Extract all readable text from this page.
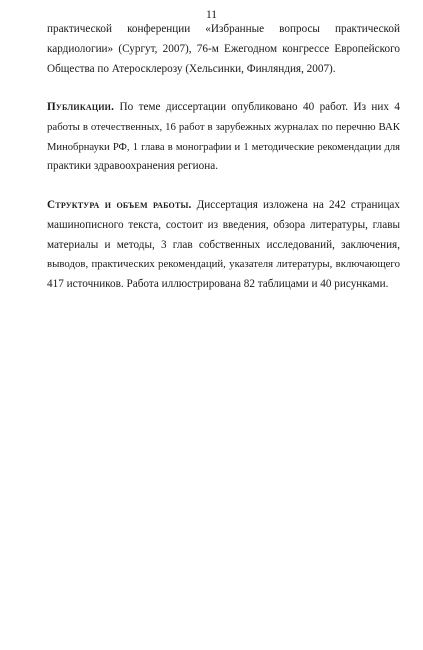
11
практической конференции «Избранные вопросы практической
кардиологии» (Сургут, 2007), 76-м Ежегодном конгрессе Европейского
Общества по Атеросклерозу (Хельсинки, Финляндия, 2007).
Публикации. По теме диссертации опубликовано 40 работ. Из них 4
работы в отечественных, 16 работ в зарубежных журналах по перечню ВАК
Минобрнауки РФ, 1 глава в монографии и 1 методические рекомендации для
практики здравоохранения региона.
Структура и объем работы. Диссертация изложена на 242 страницах
машинописного текста, состоит из введения, обзора литературы, главы
материалы и методы, 3 глав собственных исследований, заключения,
выводов, практических рекомендаций, указателя литературы, включающего
417 источников. Работа иллюстрирована 82 таблицами и 40 рисунками.
